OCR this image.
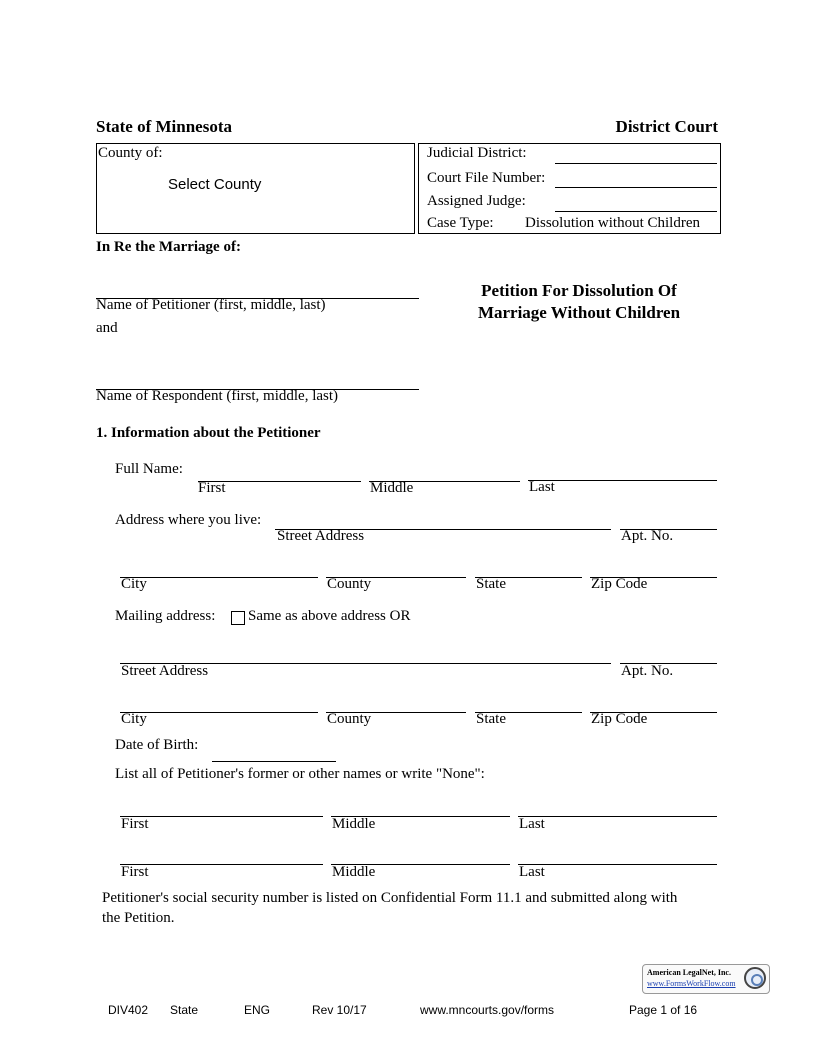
State of Minnesota	District Court
County of:
Select County
Judicial District:
Court File Number:
Assigned Judge:
Case Type: Dissolution without Children
In Re the Marriage of:
Name of Petitioner (first, middle, last)
and
Name of Respondent (first, middle, last)
Petition For Dissolution Of
Marriage Without Children
1. Information about the Petitioner
Full Name:
First	Middle	Last
Address where you live:
Street Address	Apt. No.
City	County	State	Zip Code
Mailing address: Same as above address OR
Street Address	Apt. No.
City	County	State	Zip Code
Date of Birth:
List all of Petitioner's former or other names or write "None":
First	Middle	Last
First	Middle	Last
Petitioner's social security number is listed on Confidential Form 11.1 and submitted along with
the Petition.
American LegalNet, Inc.
www.FormsWorkFlow.com
DIV402 State	ENG	Rev 10/17	www.mncourts.gov/forms	Page 1 of 16
